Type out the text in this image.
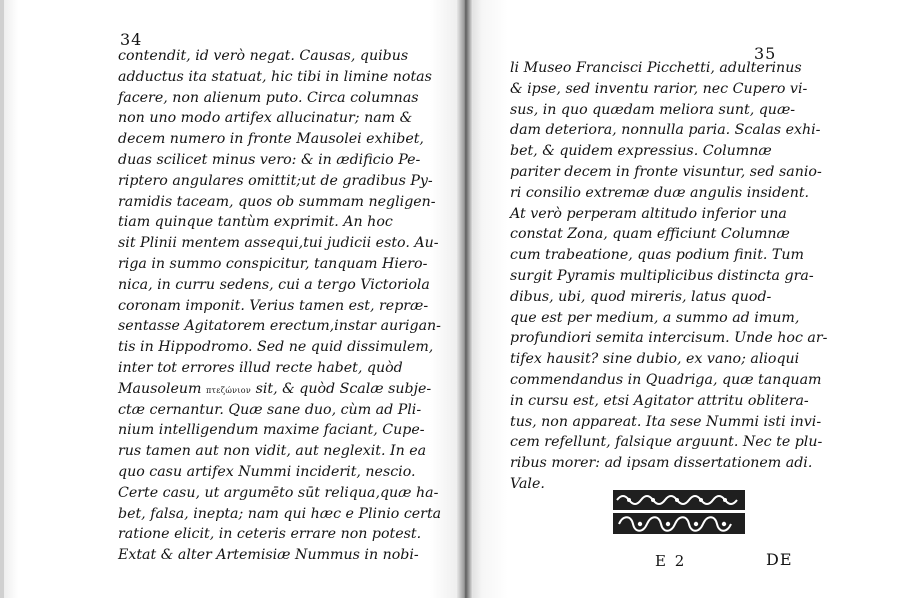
34
35
contendit, id verò negat. Causas, quibus
adductus ita statuat, hic tibi in limine notas
facere, non alienum puto. Circa columnas
non uno modo artifex allucinatur; nam &
decem numero in fronte Mausolei exhibet,
duas scilicet minus vero: & in ædificio Pe-
riptero angulares omittit;ut de gradibus Py-
ramidis taceam, quos ob summam negligen-
tiam quinque tantùm exprimit. An hoc
sit Plinii mentem assequi,tui judicii esto. Au-
riga in summo conspicitur, tanquam Hiero-
nica, in curru sedens, cui a tergo Victoriola
coronam imponit. Verius tamen est, repræ-
sentasse Agitatorem erectum,instar aurigan-
tis in Hippodromo. Sed ne quid dissimulem,
inter tot errores illud recte habet, quòd
Mausoleum πτεζώνιον sit, & quòd Scalæ subje-
ctæ cernantur. Quæ sane duo, cùm ad Pli-
nium intelligendum maxime faciant, Cupe-
rus tamen aut non vidit, aut neglexit. In ea
quo casu artifex Nummi inciderit, nescio.
Certe casu, ut argumēto sūt reliqua,quæ ha-
bet, falsa, inepta; nam qui hæc e Plinio certa
ratione elicit, in ceteris errare non potest.
Extat & alter Artemisiæ Nummus in nobi-
li Museo Francisci Picchetti, adulterinus
& ipse, sed inventu rarior, nec Cupero vi-
sus, in quo quædam meliora sunt, quæ-
dam deteriora, nonnulla paria. Scalas exhi-
bet, & quidem expressius. Columnæ
pariter decem in fronte visuntur, sed sanio-
ri consilio extremæ duæ angulis insident.
At verò perperam altitudo inferior una
constat Zona, quam efficiunt Columnæ
cum trabeatione, quas podium finit. Tum
surgit Pyramis multiplicibus distincta gra-
dibus, ubi, quod mireris, latus quod-
que est per medium, a summo ad imum,
profundiori semita intercisum. Unde hoc ar-
tifex hausit? sine dubio, ex vano; alioqui
commendandus in Quadriga, quæ tanquam
in cursu est, etsi Agitator attritu oblitera-
tus, non appareat. Ita sese Nummi isti invi-
cem refellunt, falsique arguunt. Nec te plu-
ribus morer: ad ipsam dissertationem adi.
Vale.
E 2	DE
